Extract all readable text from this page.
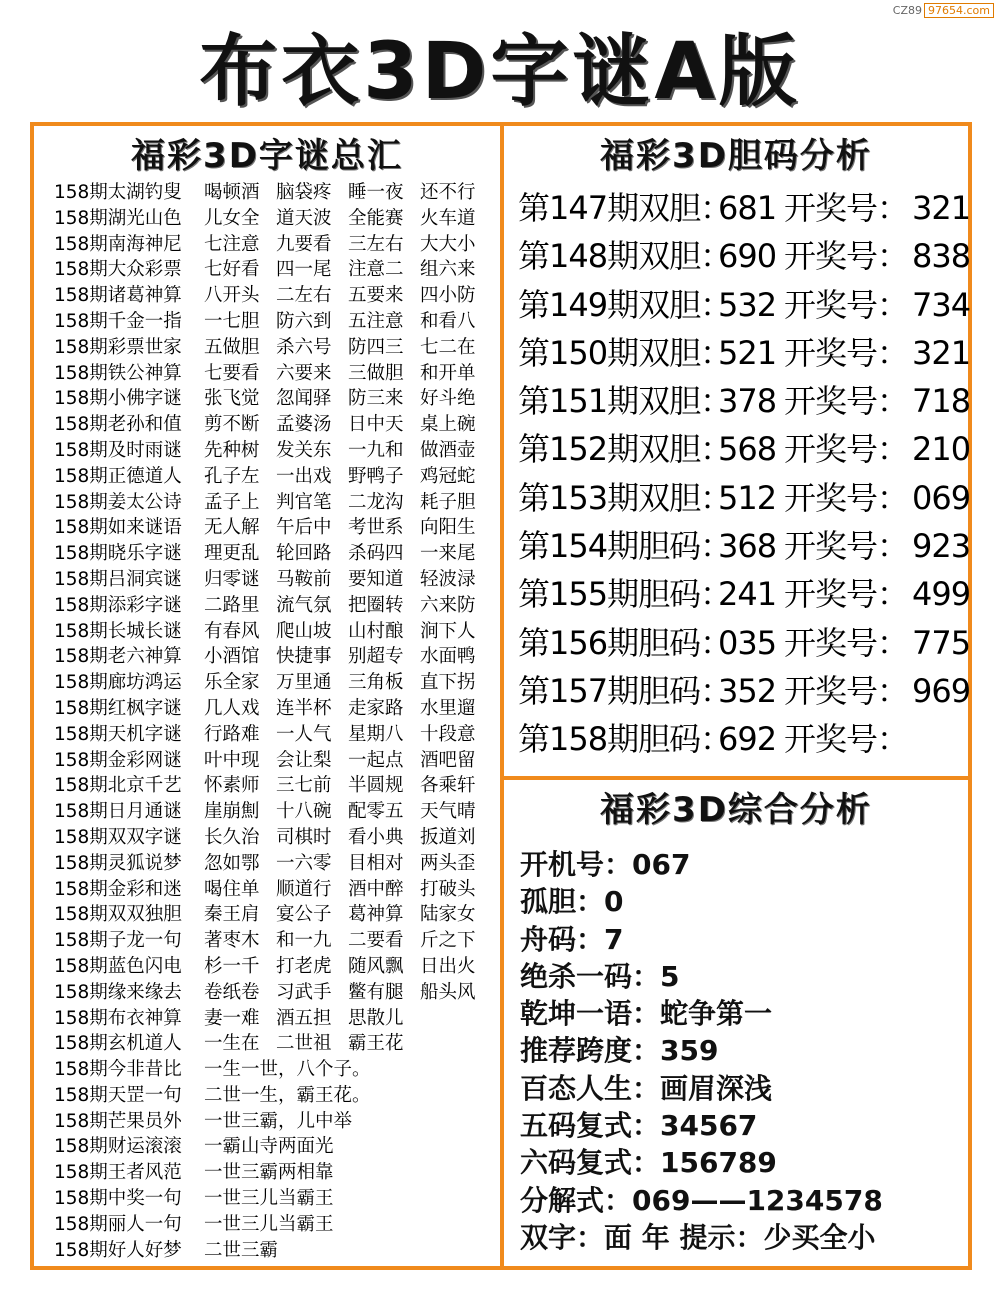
CZ89 97654.com
布衣3D字谜A版
福彩3D字谜总汇
158期太湖钓叟 喝顿酒 脑袋疼 睡一夜 还不行
158期湖光山色 儿女全 道天波 全能赛 火车道
158期南海神尼 七注意 九要看 三左右 大大小
158期大众彩票 七好看 四一尾 注意二 组六来
158期诸葛神算 八开头 二左右 五要来 四小防
158期千金一指 一七胆 防六到 五注意 和看八
158期彩票世家 五做胆 杀六号 防四三 七二在
158期铁公神算 七要看 六要来 三做胆 和开单
158期小佛字谜 张飞觉 忽闻驿 防三来 好斗绝
158期老孙和值 剪不断 孟婆汤 日中天 桌上碗
158期及时雨谜 先种树 发关东 一九和 做酒壶
158期正德道人 孔子左 一出戏 野鸭子 鸡冠蛇
158期姜太公诗 孟子上 判官笔 二龙沟 耗子胆
158期如来谜语 无人解 午后中 考世系 向阳生
158期晓乐字谜 理更乱 轮回路 杀码四 一来尾
158期吕洞宾谜 归零谜 马鞍前 要知道 轻波渌
158期添彩字谜 二路里 流气氛 把圈转 六来防
158期长城长谜 有春风 爬山坡 山村酿 涧下人
158期老六神算 小酒馆 快捷事 别超专 水面鸭
158期廊坊鸿运 乐全家 万里通 三角板 直下拐
158期红枫字谜 几人戏 连半杯 走家路 水里遛
158期天机字谜 行路难 一人气 星期八 十段意
158期金彩网谜 叶中现 会让梨 一起点 酒吧留
158期北京千艺 怀素师 三七前 半圆规 各乘轩
158期日月通谜 崖崩劁 十八碗 配零五 天气晴
158期双双字谜 长久治 司棋时 看小典 扳道刘
158期灵狐说梦 忽如鄂 一六零 目相对 两头歪
158期金彩和迷 喝住单 顺道行 酒中醉 打破头
158期双双独胆 秦王肩 宴公子 葛神算 陆家女
158期子龙一句 著枣木 和一九 二要看 斤之下
158期蓝色闪电 杉一千 打老虎 随风飘 日出火
158期缘来缘去 卷纸卷 习武手 鳖有腿 船头风
158期布衣神算 妻一难 酒五担 思散儿
158期玄机道人 一生在 二世祖 霸王花
158期今非昔比 一生一世，八个子。
158期天罡一句 二世一生，霸王花。
158期芒果员外 一世三霸，儿中举
158期财运滚滚 一霸山寺两面光
158期王者风范 一世三霸两相靠
158期中奖一句 一世三儿当霸王
158期丽人一句 一世三儿当霸王
158期好人好梦 二世三霸
福彩3D胆码分析
第147期双胆：681 开奖号： 321
第148期双胆：690 开奖号： 838
第149期双胆：532 开奖号： 734
第150期双胆：521 开奖号： 321
第151期双胆：378 开奖号： 718
第152期双胆：568 开奖号： 210
第153期双胆：512 开奖号： 069
第154期胆码：368 开奖号： 923
第155期胆码：241 开奖号： 499
第156期胆码：035 开奖号： 775
第157期胆码：352 开奖号： 969
第158期胆码：692 开奖号：
福彩3D综合分析
开机号：067
孤胆：0
舟码：7
绝杀一码：5
乾坤一语：蛇争第一
推荐跨度：359
百态人生：画眉深浅
五码复式：34567
六码复式：156789
分解式：069——1234578
双字：面 年 提示：少买全小
